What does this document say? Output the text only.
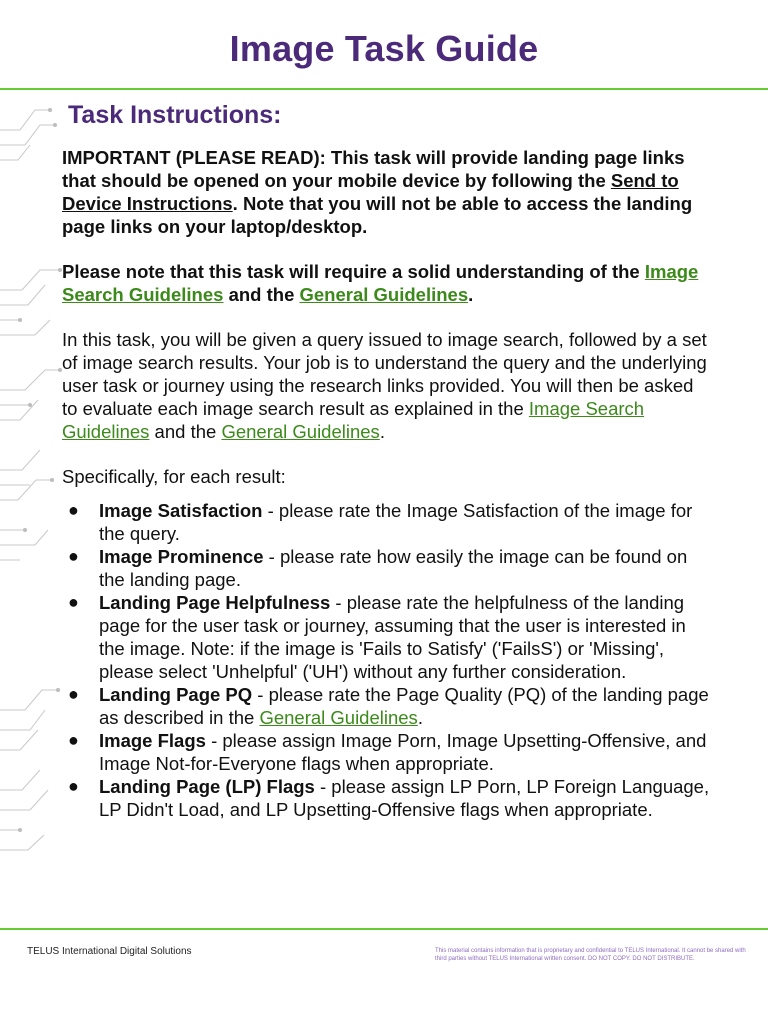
Image Task Guide
Task Instructions:

IMPORTANT (PLEASE READ): This task will provide landing page links that should be opened on your mobile device by following the Send to Device Instructions. Note that you will not be able to access the landing page links on your laptop/desktop.

Please note that this task will require a solid understanding of the Image Search Guidelines and the General Guidelines.

In this task, you will be given a query issued to image search, followed by a set of image search results. Your job is to understand the query and the underlying user task or journey using the research links provided. You will then be asked to evaluate each image search result as explained in the Image Search Guidelines and the General Guidelines.

Specifically, for each result:

● Image Satisfaction - please rate the Image Satisfaction of the image for the query.
● Image Prominence - please rate how easily the image can be found on the landing page.
● Landing Page Helpfulness - please rate the helpfulness of the landing page for the user task or journey, assuming that the user is interested in the image. Note: if the image is 'Fails to Satisfy' ('FailsS') or 'Missing', please select 'Unhelpful' ('UH') without any further consideration.
● Landing Page PQ - please rate the Page Quality (PQ) of the landing page as described in the General Guidelines.
● Image Flags - please assign Image Porn, Image Upsetting-Offensive, and Image Not-for-Everyone flags when appropriate.
● Landing Page (LP) Flags - please assign LP Porn, LP Foreign Language, LP Didn't Load, and LP Upsetting-Offensive flags when appropriate.
TELUS International Digital Solutions	This material contains information that is proprietary and confidential to TELUS International. It cannot be shared with third parties without TELUS International written consent. DO NOT COPY. DO NOT DISTRIBUTE.
